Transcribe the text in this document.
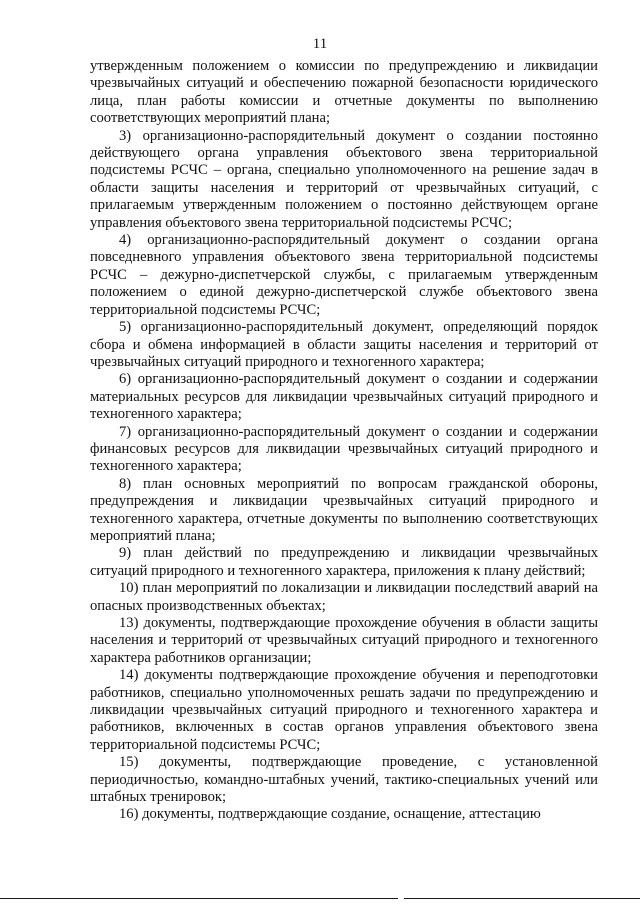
11

утвержденным положением о комиссии по предупреждению и ликвидации чрезвычайных ситуаций и обеспечению пожарной безопасности юридического лица, план работы комиссии и отчетные документы по выполнению соответствующих мероприятий плана;

3) организационно-распорядительный документ о создании постоянно действующего органа управления объектового звена территориальной подсистемы РСЧС – органа, специально уполномоченного на решение задач в области защиты населения и территорий от чрезвычайных ситуаций, с прилагаемым утвержденным положением о постоянно действующем органе управления объектового звена территориальной подсистемы РСЧС;

4) организационно-распорядительный документ о создании органа повседневного управления объектового звена территориальной подсистемы РСЧС – дежурно-диспетчерской службы, с прилагаемым утвержденным положением о единой дежурно-диспетчерской службе объектового звена территориальной подсистемы РСЧС;

5) организационно-распорядительный документ, определяющий порядок сбора и обмена информацией в области защиты населения и территорий от чрезвычайных ситуаций природного и техногенного характера;

6) организационно-распорядительный документ о создании и содержании материальных ресурсов для ликвидации чрезвычайных ситуаций природного и техногенного характера;

7) организационно-распорядительный документ о создании и содержании финансовых ресурсов для ликвидации чрезвычайных ситуаций природного и техногенного характера;

8) план основных мероприятий по вопросам гражданской обороны, предупреждения и ликвидации чрезвычайных ситуаций природного и техногенного характера, отчетные документы по выполнению соответствующих мероприятий плана;

9) план действий по предупреждению и ликвидации чрезвычайных ситуаций природного и техногенного характера, приложения к плану действий;

10) план мероприятий по локализации и ликвидации последствий аварий на опасных производственных объектах;

13) документы, подтверждающие прохождение обучения в области защиты населения и территорий от чрезвычайных ситуаций природного и техногенного характера работников организации;

14) документы подтверждающие прохождение обучения и переподготовки работников, специально уполномоченных решать задачи по предупреждению и ликвидации чрезвычайных ситуаций природного и техногенного характера и работников, включенных в состав органов управления объектового звена территориальной подсистемы РСЧС;

15) документы, подтверждающие проведение, с установленной периодичностью, командно-штабных учений, тактико-специальных учений или штабных тренировок;

16) документы, подтверждающие создание, оснащение, аттестацию
